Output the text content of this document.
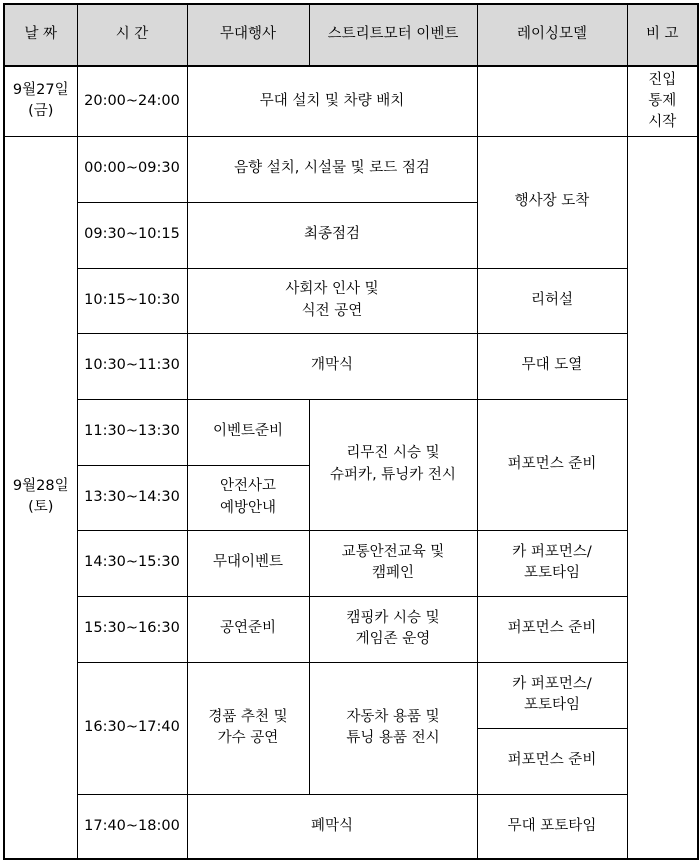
날 짜	시 간	무대행사	스트리트모터 이벤트	레이싱모델	비 고
9월27일
(금)	20:00~24:00	무대 설치 및 차량 배치			진입
통제
시작
9월28일
(토)	00:00~09:30	음향 설치, 시설물 및 로드 점검		행사장 도착	
	09:30~10:15	최종점검			
	10:15~10:30	사회자 인사 및
식전 공연		리허설	
	10:30~11:30	개막식		무대 도열	
	11:30~13:30	이벤트준비	리무진 시승 및
슈퍼카, 튜닝카 전시	퍼포먼스 준비	
	13:30~14:30	안전사고
예방안내			
	14:30~15:30	무대이벤트	교통안전교육 및
캠페인	카 퍼포먼스/
포토타임	
	15:30~16:30	공연준비	캠핑카 시승 및
게임존 운영	퍼포먼스 준비	
	16:30~17:40	경품 추천 및
가수 공연	자동차 용품 및
튜닝 용품 전시	카 퍼포먼스/
포토타임	
				퍼포먼스 준비	
	17:40~18:00	폐막식		무대 포토타임	
